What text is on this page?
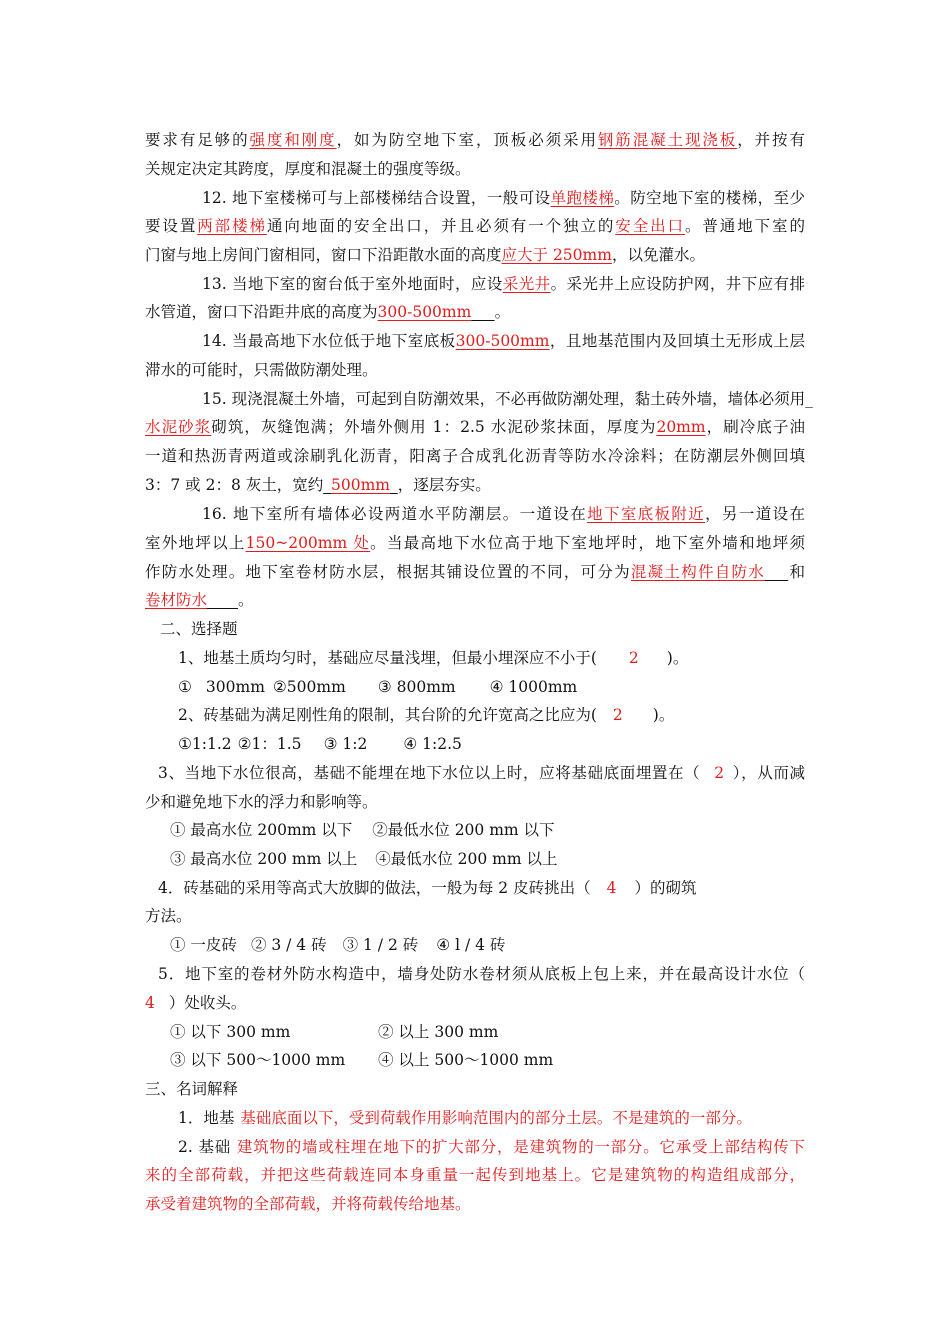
要求有足够的强度和刚度，如为防空地下室，顶板必须采用钢筋混凝土现浇板，并按有
关规定决定其跨度，厚度和混凝土的强度等级。
12. 地下室楼梯可与上部楼梯结合设置，一般可设单跑楼梯。防空地下室的楼梯，至少
要设置两部楼梯通向地面的安全出口，并且必须有一个独立的安全出口。普通地下室的
门窗与地上房间门窗相同，窗口下沿距散水面的高度应大于 250mm，以免灌水。
13. 当地下室的窗台低于室外地面时，应设采光井。采光井上应设防护网，井下应有排
水管道，窗口下沿距井底的高度为300-500mm    。
14. 当最高地下水位低于地下室底板300-500mm，且地基范围内及回填土无形成上层
滞水的可能时，只需做防潮处理。
15. 现浇混凝土外墙，可起到自防潮效果，不必再做防潮处理，黏土砖外墙，墙体必须用_
水泥砂浆砌筑，灰缝饱满；外墙外侧用 1：2.5 水泥砂浆抹面，厚度为20mm，刷冷底子油
一道和热沥青两道或涂刷乳化沥青，阳离子合成乳化沥青等防水冷涂料；在防潮层外侧回填
3：7 或 2：8 灰土，宽约  500mm  ，逐层夯实。
16. 地下室所有墙体必设两道水平防潮层。一道设在地下室底板附近，另一道设在
室外地坪以上150~200mm 处。当最高地下水位高于地下室地坪时，地下室外墙和地坪须
作防水处理。地下室卷材防水层，根据其铺设位置的不同，可分为混凝土构件自防水    和
卷材防水     。
二、选择题
1、地基土质均匀时，基础应尽量浅埋，但最小埋深应不小于( 2 )。
① 300mm ②500mm ③ 800mm ④ 1000mm
2、砖基础为满足刚性角的限制，其台阶的允许宽高之比应为( 2 )。
①1:1.2 ②1：1.5 ③ 1:2 ④ 1:2.5
3、当地下水位很高，基础不能埋在地下水位以上时，应将基础底面埋置在（ 2 ），从而减
少和避免地下水的浮力和影响等。
① 最高水位 200mm 以下 ②最低水位 200 mm 以下
③ 最高水位 200 mm 以上 ④最低水位 200 mm 以上
4．砖基础的采用等高式大放脚的做法，一般为每 2 皮砖挑出（ 4 ）的砌筑
方法。
① 一皮砖 ② 3 / 4 砖 ③ 1 / 2 砖 ④ l / 4 砖
5．地下室的卷材外防水构造中，墙身处防水卷材须从底板上包上来，并在最高设计水位（
4 ）处收头。
① 以下 300 mm	② 以上 300 mm
③ 以下 500～1000 mm ④ 以上 500～1000 mm
三、名词解释
1．地基 基础底面以下，受到荷载作用影响范围内的部分土层。不是建筑的一部分。
2. 基础 建筑物的墙或柱埋在地下的扩大部分，是建筑物的一部分。它承受上部结构传下
来的全部荷载，并把这些荷载连同本身重量一起传到地基上。它是建筑物的构造组成部分，
承受着建筑物的全部荷载，并将荷载传给地基。
